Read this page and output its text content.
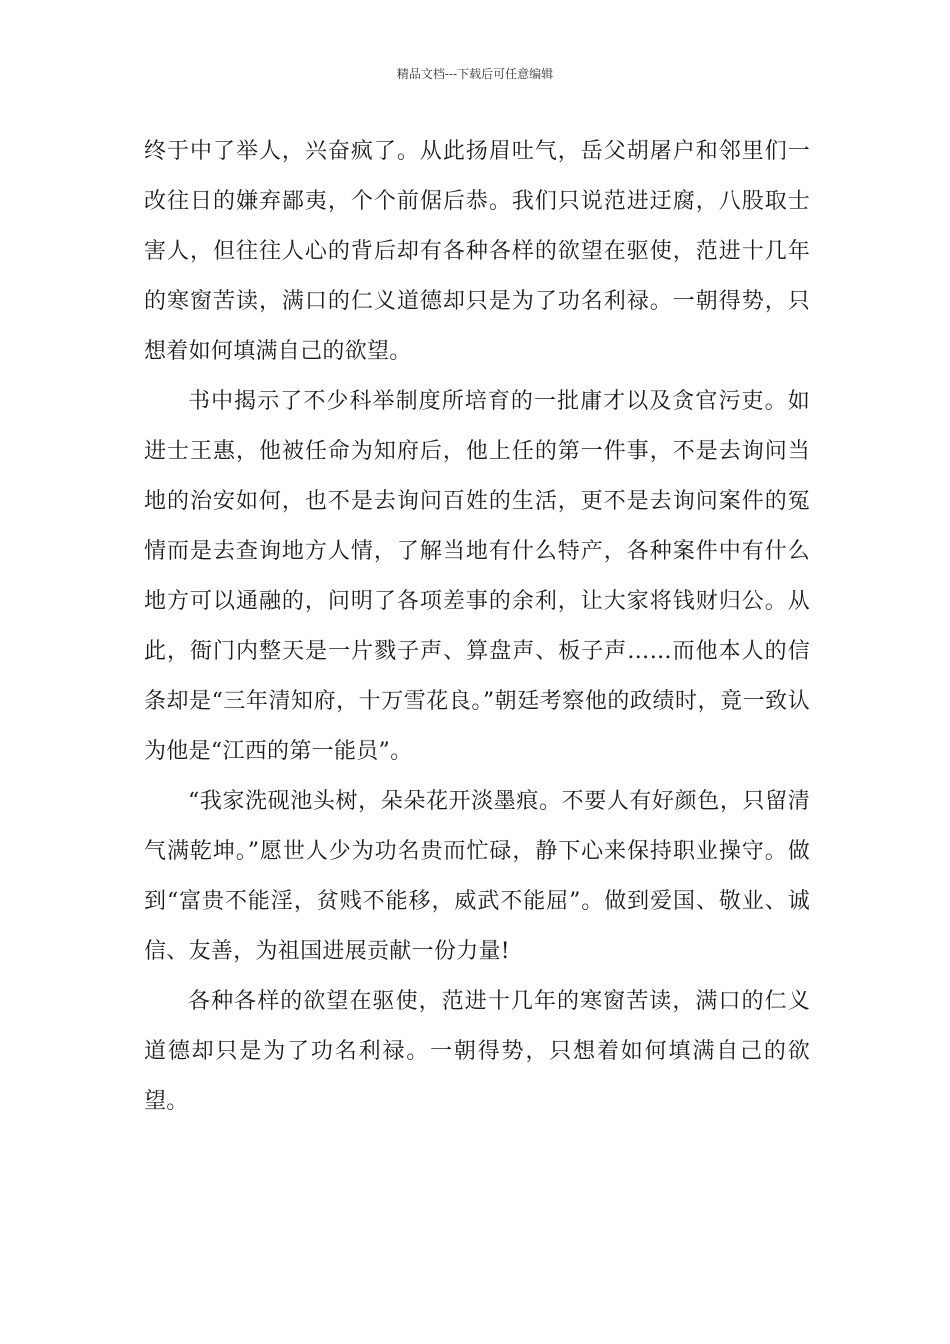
精品文档---下载后可任意编辑

终于中了举人，兴奋疯了。从此扬眉吐气，岳父胡屠户和邻里们一改往日的嫌弃鄙夷，个个前倨后恭。我们只说范进迂腐，八股取士害人，但往往人心的背后却有各种各样的欲望在驱使，范进十几年的寒窗苦读，满口的仁义道德却只是为了功名利禄。一朝得势，只想着如何填满自己的欲望。

书中揭示了不少科举制度所培育的一批庸才以及贪官污吏。如进士王惠，他被任命为知府后，他上任的第一件事，不是去询问当地的治安如何，也不是去询问百姓的生活，更不是去询问案件的冤情而是去查询地方人情，了解当地有什么特产，各种案件中有什么地方可以通融的，问明了各项差事的余利，让大家将钱财归公。从此，衙门内整天是一片戮子声、算盘声、板子声……而他本人的信条却是“三年清知府，十万雪花良。”朝廷考察他的政绩时，竟一致认为他是“江西的第一能员”。

“我家洗砚池头树，朵朵花开淡墨痕。不要人有好颜色，只留清气满乾坤。”愿世人少为功名贵而忙碌，静下心来保持职业操守。做到“富贵不能淫，贫贱不能移，威武不能屈”。做到爱国、敬业、诚信、友善，为祖国进展贡献一份力量!

各种各样的欲望在驱使，范进十几年的寒窗苦读，满口的仁义道德却只是为了功名利禄。一朝得势，只想着如何填满自己的欲望。
